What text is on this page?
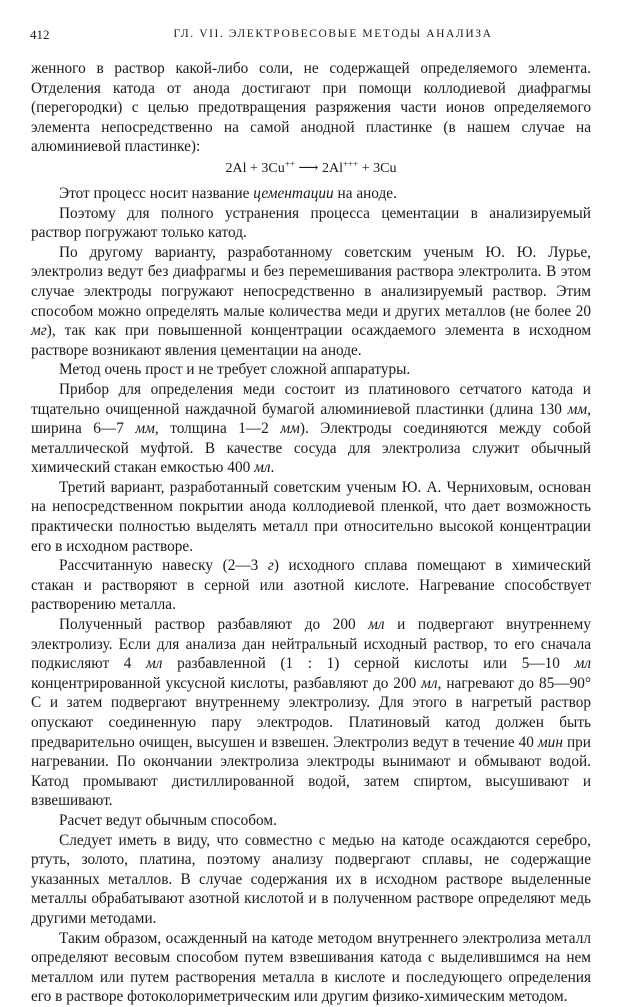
412	ГЛ. VII. ЭЛЕКТРОВЕСОВЫЕ МЕТОДЫ АНАЛИЗА

женного в раствор какой-либо соли, не содержащей определяемого элемента. Отделения катода от анода достигают при помощи коллодиевой диафрагмы (перегородки) с целью предотвращения разряжения части ионов определяемого элемента непосредственно на самой анодной пластинке (в нашем случае на алюминиевой пластинке):

2Al + 3Cu++ ⟶ 2Al+++ + 3Cu

Этот процесс носит название цементации на аноде.

Поэтому для полного устранения процесса цементации в анализируемый раствор погружают только катод.

По другому варианту, разработанному советским ученым Ю. Ю. Лурье, электролиз ведут без диафрагмы и без перемешивания раствора электролита. В этом случае электроды погружают непосредственно в анализируемый раствор. Этим способом можно определять малые количества меди и других металлов (не более 20 мг), так как при повышенной концентрации осаждаемого элемента в исходном растворе возникают явления цементации на аноде.

Метод очень прост и не требует сложной аппаратуры.

Прибор для определения меди состоит из платинового сетчатого катода и тщательно очищенной наждачной бумагой алюминиевой пластинки (длина 130 мм, ширина 6—7 мм, толщина 1—2 мм). Электроды соединяются между собой металлической муфтой. В качестве сосуда для электролиза служит обычный химический стакан емкостью 400 мл.

Третий вариант, разработанный советским ученым Ю. А. Черниховым, основан на непосредственном покрытии анода коллодиевой пленкой, что дает возможность практически полностью выделять металл при относительно высокой концентрации его в исходном растворе.

Рассчитанную навеску (2—3 г) исходного сплава помещают в химический стакан и растворяют в серной или азотной кислоте. Нагревание способствует растворению металла.

Полученный раствор разбавляют до 200 мл и подвергают внутреннему электролизу. Если для анализа дан нейтральный исходный раствор, то его сначала подкисляют 4 мл разбавленной (1 : 1) серной кислоты или 5—10 мл концентрированной уксусной кислоты, разбавляют до 200 мл, нагревают до 85—90° С и затем подвергают внутреннему электролизу. Для этого в нагретый раствор опускают соединенную пару электродов. Платиновый катод должен быть предварительно очищен, высушен и взвешен. Электролиз ведут в течение 40 мин при нагревании. По окончании электролиза электроды вынимают и обмывают водой. Катод промывают дистиллированной водой, затем спиртом, высушивают и взвешивают.

Расчет ведут обычным способом.

Следует иметь в виду, что совместно с медью на катоде осаждаются серебро, ртуть, золото, платина, поэтому анализу подвергают сплавы, не содержащие указанных металлов. В случае содержания их в исходном растворе выделенные металлы обрабатывают азотной кислотой и в полученном растворе определяют медь другими методами.

Таким образом, осажденный на катоде методом внутреннего электролиза металл определяют весовым способом путем взвешивания катода с выделившимся на нем металлом или путем растворения металла в кислоте и последующего определения его в растворе фотоколориметрическим или другим физико-химическим методом.
